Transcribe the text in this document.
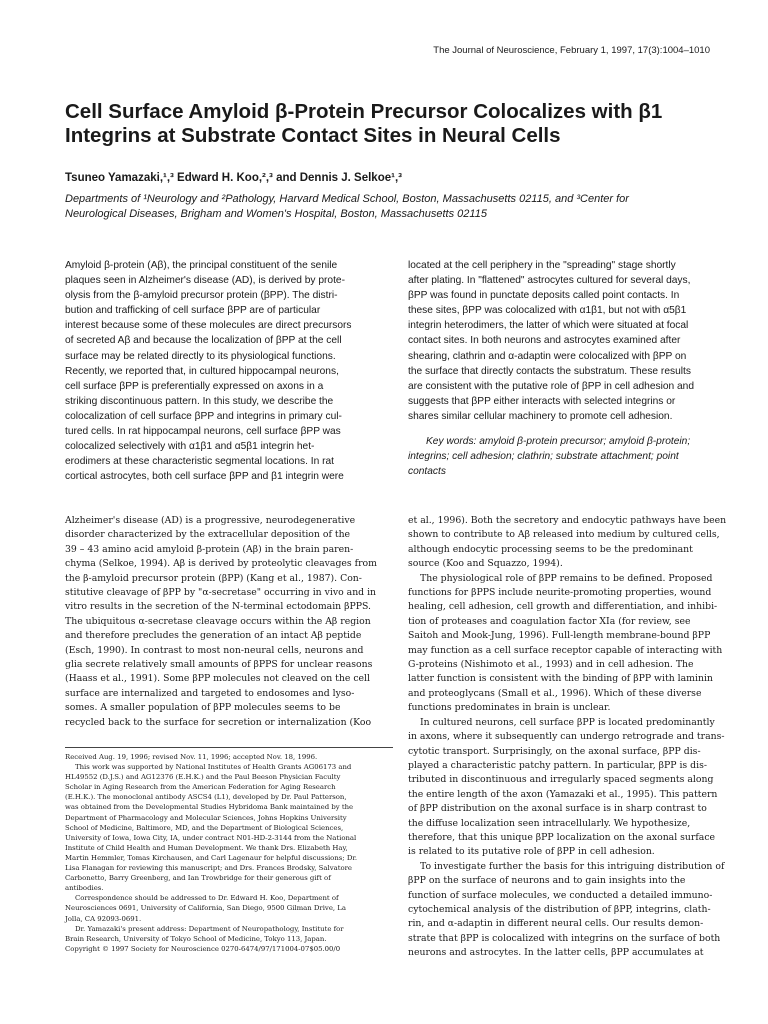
The Journal of Neuroscience, February 1, 1997, 17(3):1004–1010
Cell Surface Amyloid β-Protein Precursor Colocalizes with β1
Integrins at Substrate Contact Sites in Neural Cells
Tsuneo Yamazaki,¹,³ Edward H. Koo,²,³ and Dennis J. Selkoe¹,³
Departments of ¹Neurology and ²Pathology, Harvard Medical School, Boston, Massachusetts 02115, and ³Center for
Neurological Diseases, Brigham and Women's Hospital, Boston, Massachusetts 02115
Amyloid β-protein (Aβ), the principal constituent of the senile
plaques seen in Alzheimer's disease (AD), is derived by prote-
olysis from the β-amyloid precursor protein (βPP). The distri-
bution and trafficking of cell surface βPP are of particular
interest because some of these molecules are direct precursors
of secreted Aβ and because the localization of βPP at the cell
surface may be related directly to its physiological functions.
Recently, we reported that, in cultured hippocampal neurons,
cell surface βPP is preferentially expressed on axons in a
striking discontinuous pattern. In this study, we describe the
colocalization of cell surface βPP and integrins in primary cul-
tured cells. In rat hippocampal neurons, cell surface βPP was
colocalized selectively with α1β1 and α5β1 integrin het-
erodimers at these characteristic segmental locations. In rat
cortical astrocytes, both cell surface βPP and β1 integrin were
located at the cell periphery in the "spreading" stage shortly
after plating. In "flattened" astrocytes cultured for several days,
βPP was found in punctate deposits called point contacts. In
these sites, βPP was colocalized with α1β1, but not with α5β1
integrin heterodimers, the latter of which were situated at focal
contact sites. In both neurons and astrocytes examined after
shearing, clathrin and α-adaptin were colocalized with βPP on
the surface that directly contacts the substratum. These results
are consistent with the putative role of βPP in cell adhesion and
suggests that βPP either interacts with selected integrins or
shares similar cellular machinery to promote cell adhesion.
Key words: amyloid β-protein precursor; amyloid β-protein;
integrins; cell adhesion; clathrin; substrate attachment; point
contacts
Alzheimer's disease (AD) is a progressive, neurodegenerative
disorder characterized by the extracellular deposition of the
39 – 43 amino acid amyloid β-protein (Aβ) in the brain paren-
chyma (Selkoe, 1994). Aβ is derived by proteolytic cleavages from
the β-amyloid precursor protein (βPP) (Kang et al., 1987). Con-
stitutive cleavage of βPP by "α-secretase" occurring in vivo and in
vitro results in the secretion of the N-terminal ectodomain βPPS.
The ubiquitous α-secretase cleavage occurs within the Aβ region
and therefore precludes the generation of an intact Aβ peptide
(Esch, 1990). In contrast to most non-neural cells, neurons and
glia secrete relatively small amounts of βPPS for unclear reasons
(Haass et al., 1991). Some βPP molecules not cleaved on the cell
surface are internalized and targeted to endosomes and lyso-
somes. A smaller population of βPP molecules seems to be
recycled back to the surface for secretion or internalization (Koo
Received Aug. 19, 1996; revised Nov. 11, 1996; accepted Nov. 18, 1996.
This work was supported by National Institutes of Health Grants AG06173 and
HL49552 (D.J.S.) and AG12376 (E.H.K.) and the Paul Beeson Physician Faculty
Scholar in Aging Research from the American Federation for Aging Research
(E.H.K.). The monoclonal antibody ASCS4 (L1), developed by Dr. Paul Patterson,
was obtained from the Developmental Studies Hybridoma Bank maintained by the
Department of Pharmacology and Molecular Sciences, Johns Hopkins University
School of Medicine, Baltimore, MD, and the Department of Biological Sciences,
University of Iowa, Iowa City, IA, under contract N01-HD-2-3144 from the National
Institute of Child Health and Human Development. We thank Drs. Elizabeth Hay,
Martin Hemmler, Tomas Kirchausen, and Carl Lagenaur for helpful discussions; Dr.
Lisa Flanagan for reviewing this manuscript; and Drs. Frances Brodsky, Salvatore
Carbonetto, Barry Greenberg, and Ian Trowbridge for their generous gift of
antibodies.
Correspondence should be addressed to Dr. Edward H. Koo, Department of
Neurosciences 0691, University of California, San Diego, 9500 Gilman Drive, La
Jolla, CA 92093-0691.
Dr. Yamazaki's present address: Department of Neuropathology, Institute for
Brain Research, University of Tokyo School of Medicine, Tokyo 113, Japan.
Copyright © 1997 Society for Neuroscience 0270-6474/97/171004-07$05.00/0
et al., 1996). Both the secretory and endocytic pathways have been
shown to contribute to Aβ released into medium by cultured cells,
although endocytic processing seems to be the predominant
source (Koo and Squazzo, 1994).
The physiological role of βPP remains to be defined. Proposed
functions for βPPS include neurite-promoting properties, wound
healing, cell adhesion, cell growth and differentiation, and inhibi-
tion of proteases and coagulation factor XIa (for review, see
Saitoh and Mook-Jung, 1996). Full-length membrane-bound βPP
may function as a cell surface receptor capable of interacting with
G-proteins (Nishimoto et al., 1993) and in cell adhesion. The
latter function is consistent with the binding of βPP with laminin
and proteoglycans (Small et al., 1996). Which of these diverse
functions predominates in brain is unclear.
In cultured neurons, cell surface βPP is located predominantly
in axons, where it subsequently can undergo retrograde and trans-
cytotic transport. Surprisingly, on the axonal surface, βPP dis-
played a characteristic patchy pattern. In particular, βPP is dis-
tributed in discontinuous and irregularly spaced segments along
the entire length of the axon (Yamazaki et al., 1995). This pattern
of βPP distribution on the axonal surface is in sharp contrast to
the diffuse localization seen intracellularly. We hypothesize,
therefore, that this unique βPP localization on the axonal surface
is related to its putative role of βPP in cell adhesion.
To investigate further the basis for this intriguing distribution of
βPP on the surface of neurons and to gain insights into the
function of surface molecules, we conducted a detailed immuno-
cytochemical analysis of the distribution of βPP, integrins, clath-
rin, and α-adaptin in different neural cells. Our results demon-
strate that βPP is colocalized with integrins on the surface of both
neurons and astrocytes. In the latter cells, βPP accumulates at
